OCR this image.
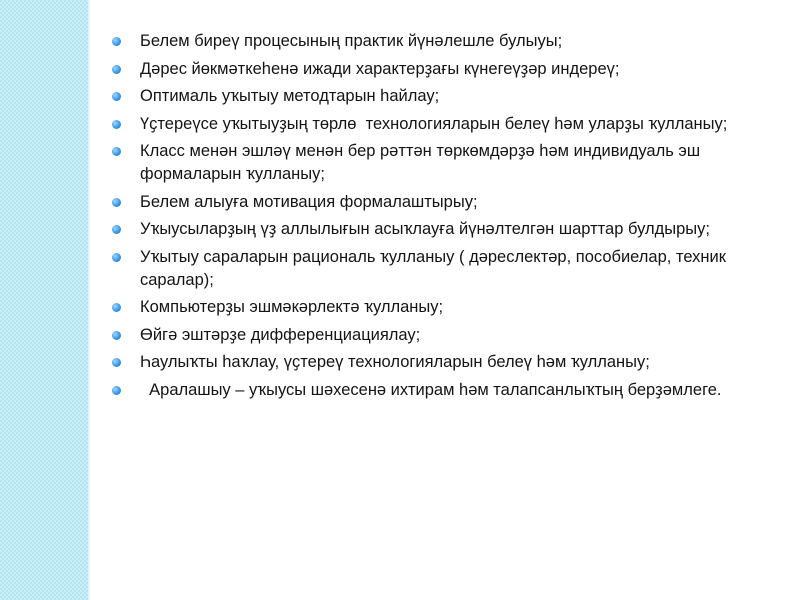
Белем биреү процесының практик йүнәлешле булыуы;
Дәрес йөкмәткеһенә ижади характерҙағы күнегеүҙәр индереү;
Оптималь уҡытыу методтарын һайлау;
Үҫтереүсе уҡытыуҙың төрлө  технологияларын белеү һәм уларҙы ҡулланыу;
Класс менән эшләү менән бер рәттән төркөмдәрҙә һәм индивидуаль эш формаларын ҡулланыу;
Белем алыуға мотивация формалаштырыу;
Уҡыусыларҙың үҙ аллылығын асыҡлауға йүнәлтелгән шарттар булдырыу;
Уҡытыу сараларын рациональ ҡулланыу ( дәреслектәр, пособиелар, техник саралар);
Компьютерҙы эшмәкәрлектә ҡулланыу;
Өйгә эштәрҙе дифференциациялау;
Һаулыҡты һаҡлау, үҫтереү технологияларын белеү һәм ҡулланыу;
Аралашыу – уҡыусы шәхесенә ихтирам һәм талапсанлыҡтың берҙәмлеге.
